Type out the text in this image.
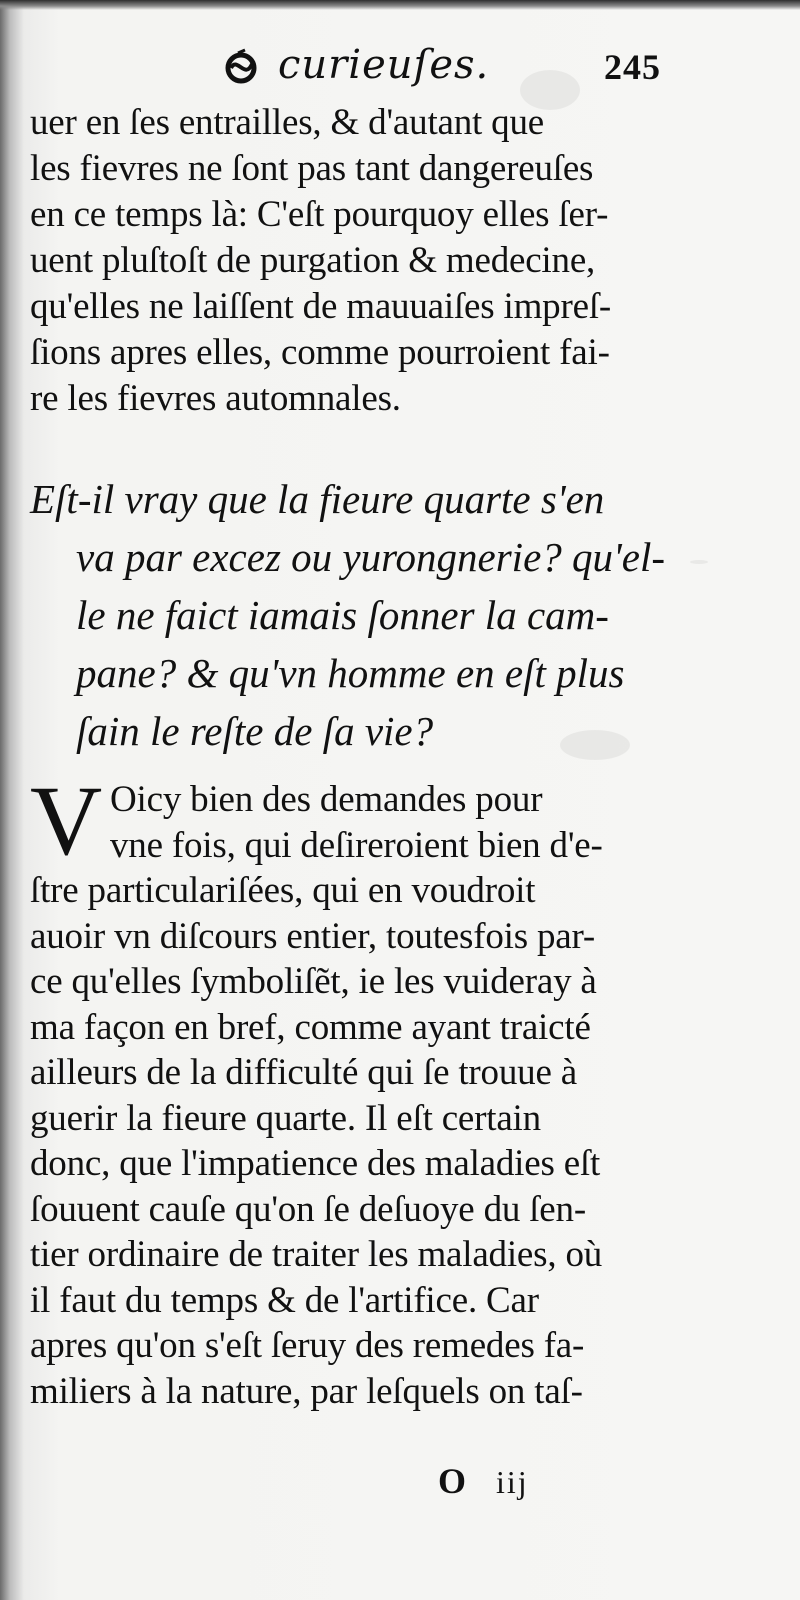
curieuſes.	245
uer en ſes entrailles, & d'autant que
les fievres ne ſont pas tant dangereuſes
en ce temps là: C'eſt pourquoy elles ſer-
uent pluſtoſt de purgation & medecine,
qu'elles ne laiſſent de mauuaiſes impreſ-
ſions apres elles, comme pourroient fai-
re les fievres automnales.
Eſt-il vray que la fieure quarte s'en
va par excez ou yurongnerie? qu'el-
le ne faict iamais ſonner la cam-
pane? & qu'vn homme en eſt plus
ſain le reſte de ſa vie?
V Oicy bien des demandes pour
vne fois, qui deſireroient bien d'e-
ſtre particulariſées, qui en voudroit
auoir vn diſcours entier, toutesfois par-
ce qu'elles ſymboliſẽt, ie les vuideray à
ma façon en bref, comme ayant traicté
ailleurs de la difficulté qui ſe trouue à
guerir la fieure quarte. Il eſt certain
donc, que l'impatience des maladies eſt
ſouuent cauſe qu'on ſe deſuoye du ſen-
tier ordinaire de traiter les maladies, où
il faut du temps & de l'artifice. Car
apres qu'on s'eſt ſeruy des remedes fa-
miliers à la nature, par leſquels on taſ-
O iij
